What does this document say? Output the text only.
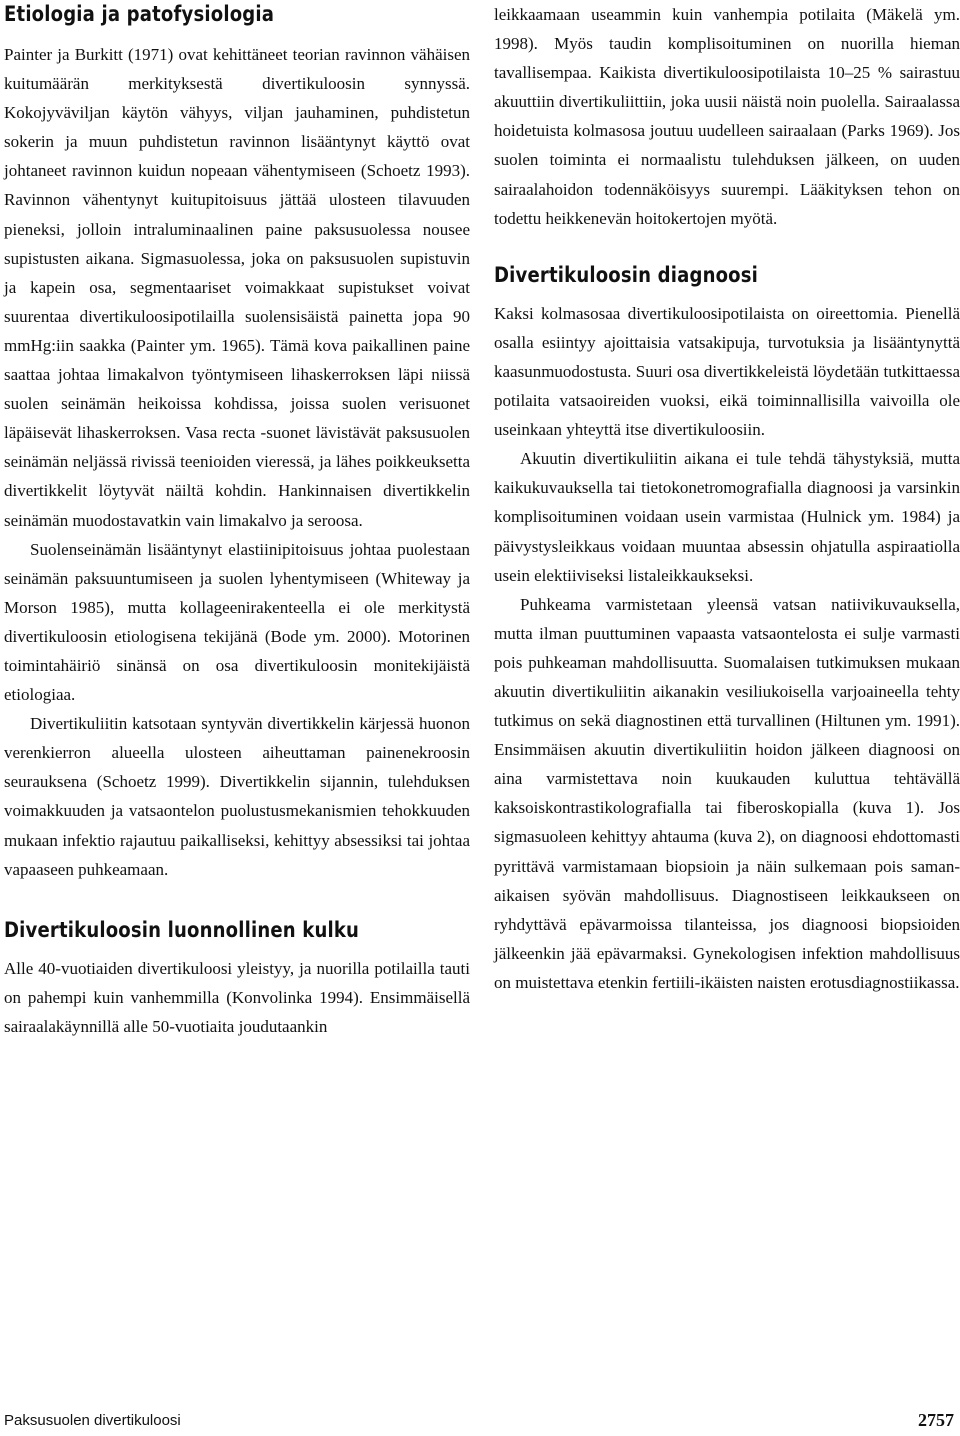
Etiologia ja patofysiologia

Painter ja Burkitt (1971) ovat kehittäneet teorian ravinnon vähäisen kuitumäärän merkityksestä divertikuloosin synnyssä. Kokojyväviljan käytön vähyys, viljan jauhaminen, puhdistetun sokerin ja muun puhdistetun ravinnon lisääntynyt käyttö ovat johtaneet ravinnon kuidun nopeaan vähentymiseen (Schoetz 1993). Ravinnon vähentynyt kuitupitoisuus jättää ulosteen tilavuuden pieneksi, jolloin intraluminaalinen paine paksusuolessa nousee supistusten aikana. Sigmasuolessa, joka on paksusuolen supistuvin ja kapein osa, segmentaariset voimakkaat supistukset voivat suurentaa divertikuloosipotilailla suolensisäistä painetta jopa 90 mmHg:iin saakka (Painter ym. 1965). Tämä kova paikallinen paine saattaa johtaa limakalvon työntymiseen lihaskerroksen läpi niissä suolen seinämän heikoissa kohdissa, joissa suolen verisuonet läpäisevät lihaskerroksen. Vasa recta -suonet lävistävät paksusuolen seinämän neljässä rivissä teenioiden vieressä, ja lähes poikkeuksetta divertikkelit löytyvät näiltä kohdin. Hankinnaisen divertikkelin seinämän muodostavatkin vain limakalvo ja seroosa.

Suolenseinämän lisääntynyt elastiinipitoisuus johtaa puolestaan seinämän paksuuntumiseen ja suolen lyhentymiseen (Whiteway ja Morson 1985), mutta kollageenirakenteella ei ole merkitystä divertikuloosin etiologisena tekijänä (Bode ym. 2000). Motorinen toimintahäiriö sinänsä on osa divertikuloosin monitekijäistä etiologiaa.

Divertikuliitin katsotaan syntyvän divertikkelin kärjessä huonon verenkierron alueella ulosteen aiheuttaman painenekroosin seurauksena (Schoetz 1999). Divertikkelin sijannin, tulehduksen voimakkuuden ja vatsaontelon puolustusmekanismien tehokkuuden mukaan infektio rajautuu paikalliseksi, kehittyy absessiksi tai johtaa vapaaseen puhkeamaan.

Divertikuloosin luonnollinen kulku

Alle 40-vuotiaiden divertikuloosi yleistyy, ja nuorilla potilailla tauti on pahempi kuin vanhemmilla (Konvolinka 1994). Ensimmäisellä sairaalakäynnillä alle 50-vuotiaita joudutaankin

leikkaamaan useammin kuin vanhempia potilaita (Mäkelä ym. 1998). Myös taudin komplisoituminen on nuorilla hieman tavallisempaa. Kaikista divertikuloosipotilaista 10–25 % sairastuu akuuttiin divertikuliittiin, joka uusii näistä noin puolella. Sairaalassa hoidetuista kolmasosa joutuu uudelleen sairaalaan (Parks 1969). Jos suolen toiminta ei normaalistu tulehduksen jälkeen, on uuden sairaalahoidon todennäköisyys suurempi. Lääkityksen tehon on todettu heikkenevän hoitokertojen myötä.

Divertikuloosin diagnoosi

Kaksi kolmasosaa divertikuloosipotilaista on oireettomia. Pienellä osalla esiintyy ajoittaisia vatsakipuja, turvotuksia ja lisääntynyttä kaasunmuodostusta. Suuri osa divertikkeleistä löydetään tutkittaessa potilaita vatsaoireiden vuoksi, eikä toiminnallisilla vaivoilla ole useinkaan yhteyttä itse divertikuloosiin.

Akuutin divertikuliitin aikana ei tule tehdä tähystyksiä, mutta kaikukuvauksella tai tietokonetromografialla diagnoosi ja varsinkin komplisoituminen voidaan usein varmistaa (Hulnick ym. 1984) ja päivystysleikkaus voidaan muuntaa absessin ohjatulla aspiraatiolla usein elektiiviseksi listaleikkaukseksi.

Puhkeama varmistetaan yleensä vatsan natiivikuvauksella, mutta ilman puuttuminen vapaasta vatsaontelosta ei sulje varmasti pois puhkeaman mahdollisuutta. Suomalaisen tutkimuksen mukaan akuutin divertikuliitin aikanakin vesiliukoisella varjoaineella tehty tutkimus on sekä diagnostinen että turvallinen (Hiltunen ym. 1991). Ensimmäisen akuutin divertikuliitin hoidon jälkeen diagnoosi on aina varmistettava noin kuukauden kuluttua tehtävällä kaksoiskontrastikolografialla tai fiberoskopialla (kuva 1). Jos sigmasuoleen kehittyy ahtauma (kuva 2), on diagnoosi ehdottomasti pyrittävä varmistamaan biopsioin ja näin sulkemaan pois samanaikaisen syövän mahdollisuus. Diagnostiseen leikkaukseen on ryhdyttävä epävarmoissa tilanteissa, jos diagnoosi biopsioiden jälkeenkin jää epävarmaksi. Gynekologisen infektion mahdollisuus on muistettava etenkin fertiili-ikäisten naisten erotusdiagnostiikassa.

Paksusuolen divertikuloosi	2757
